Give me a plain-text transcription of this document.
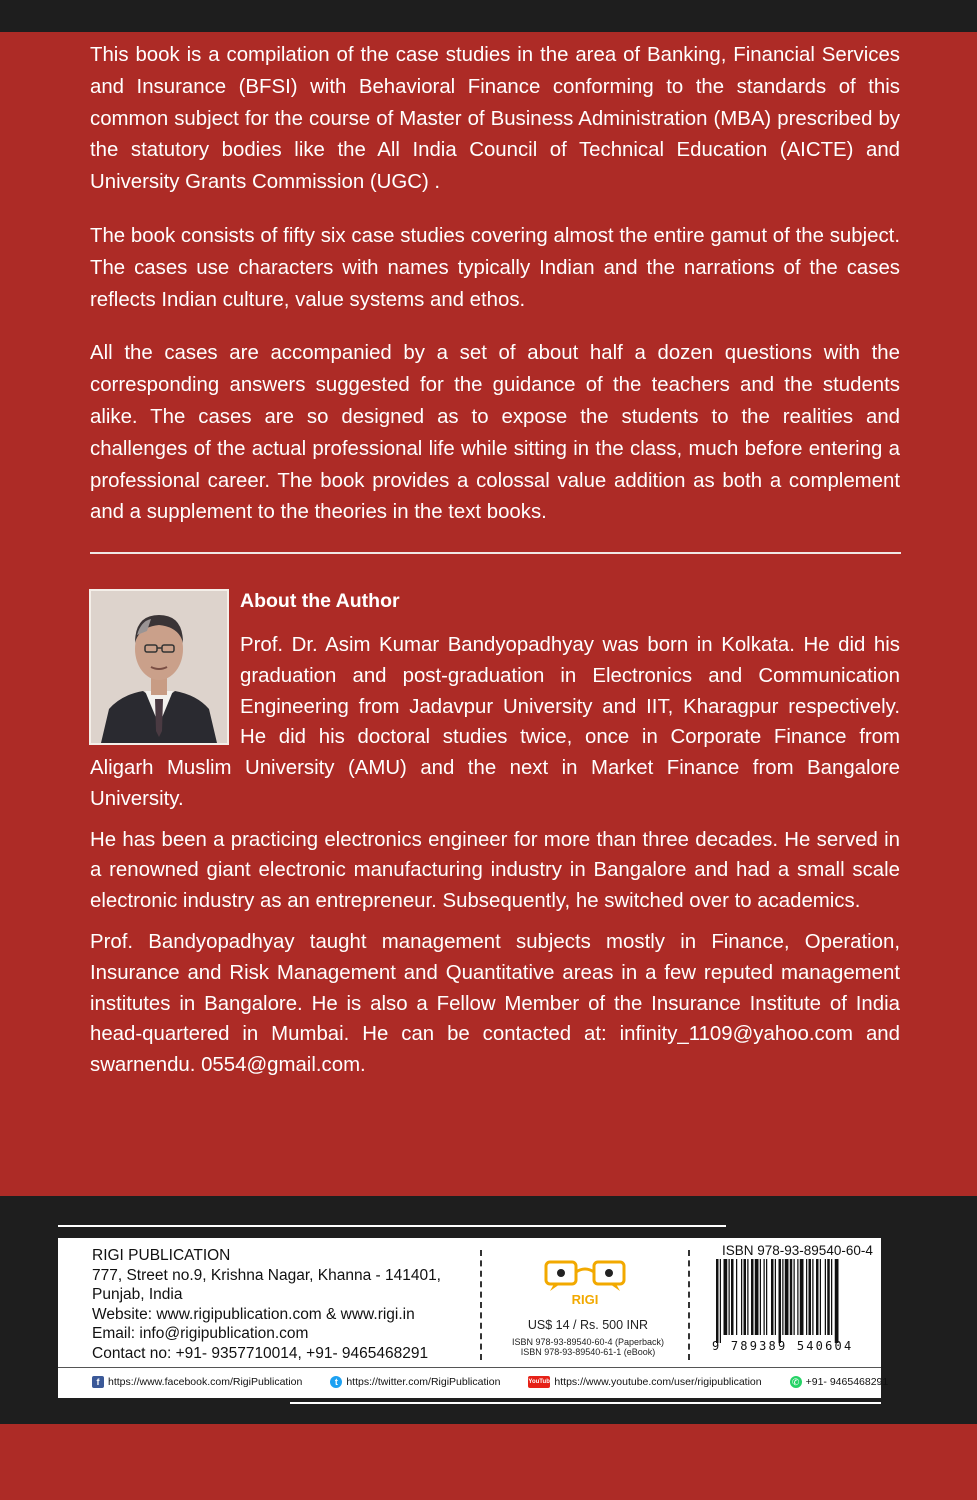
This book is a compilation of the case studies in the area of Banking, Financial Services and Insurance (BFSI) with Behavioral Finance conforming to the standards of this common subject for the course of Master of Business Administration (MBA) prescribed by the statutory bodies like the All India Council of Technical Education (AICTE) and University Grants Commission (UGC) .

The book consists of fifty six case studies covering almost the entire gamut of the subject. The cases use characters with names typically Indian and the narrations of the cases reflects Indian culture, value systems and ethos.

All the cases are accompanied by a set of about half a dozen questions with the corresponding answers suggested for the guidance of the teachers and the students alike. The cases are so designed as to expose the students to the realities and challenges of the actual professional life while sitting in the class, much before entering a professional career. The book provides a colossal value addition as both a complement and a supplement to the theories in the text books.

About the Author
Prof. Dr. Asim Kumar Bandyopadhyay was born in Kolkata. He did his graduation and post-graduation in Electronics and Communication Engineering from Jadavpur University and IIT, Kharagpur respectively. He did his doctoral studies twice, once in Corporate Finance from

Aligarh Muslim University (AMU) and the next in Market Finance from Bangalore University.

He has been a practicing electronics engineer for more than three decades. He served in a renowned giant electronic manufacturing industry in Bangalore and had a small scale electronic industry as an entrepreneur. Subsequently, he switched over to academics.

Prof. Bandyopadhyay taught management subjects mostly in Finance, Operation, Insurance and Risk Management and Quantitative areas in a few reputed management institutes in Bangalore. He is also a Fellow Member of the Insurance Institute of India head-quartered in Mumbai. He can be contacted at: infinity_1109@yahoo.com and swarnendu. 0554@gmail.com.

RIGI PUBLICATION
777, Street no.9, Krishna Nagar, Khanna - 141401,
Punjab, India
Website: www.rigipublication.com & www.rigi.in
Email: info@rigipublication.com
Contact no: +91- 9357710014, +91- 9465468291
RIGI
US$ 14 / Rs. 500 INR
ISBN 978-93-89540-60-4 (Paperback)
ISBN 978-93-89540-61-1 (eBook)
ISBN 978-93-89540-60-4
9 789389 540604
f https://www.facebook.com/RigiPublication	t https://twitter.com/RigiPublication	YouTube https://www.youtube.com/user/rigipublication	✆ +91- 9465468291
